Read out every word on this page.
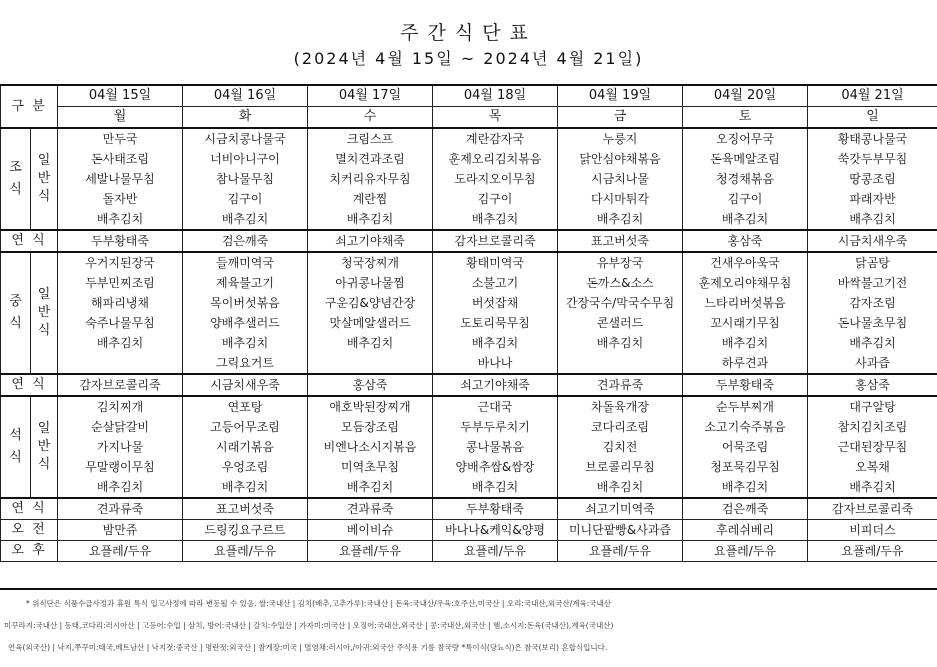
주간식단표
(2024년 4월 15일 ~ 2024년 4월 21일)
구 분		04월 15일	04월 16일	04월 17일	04월 18일	04월 19일	04월 20일	04월 21일
		월	화	수	목	금	토	일

조
식	일
반
식	만두국	시금치콩나물국	크림스프	계란감자국	누룽지	오징어무국	황태콩나물국
		돈사태조림	너비아니구이	멸치견과조림	훈제오리김치볶음	닭안심야채볶음	돈육메알조림	쑥갓두부무침
		세발나물무침	참나물무침	치커리유자무침	도라지오이무침	시금치나물	청경채볶음	땅콩조림
		돌자반	김구이	계란찜	김구이	다시마튀각	김구이	파래자반
		배추김치	배추김치	배추김치	배추김치	배추김치	배추김치	배추김치
연 식		두부황태죽	검은깨죽	쇠고기야채죽	감자브로콜리죽	표고버섯죽	홍삼죽	시금치새우죽

중
식	일
반
식	우거지된장국	들깨미역국	청국장찌개	황태미역국	유부장국	건새우아욱국	닭곰탕
		두부민찌조림	제육불고기	아귀콩나물찜	소불고기	돈까스&소스	훈제오리야채무침	바싹불고기전
		해파리냉채	목이버섯볶음	구운김&양념간장	버섯잡채	간장국수/막국수무침	느타리버섯볶음	감자조림
		숙주나물무침	양배추샐러드	맛살메알샐러드	도토리묵무침	콘샐러드	꼬시래기무침	돈나물초무침
		배추김치	배추김치	배추김치	배추김치	배추김치	배추김치	배추김치
			그릭요거트		바나나		하루견과	사과즙
연 식		감자브로콜리죽	시금치새우죽	홍삼죽	쇠고기야채죽	견과류죽	두부황태죽	홍삼죽

석
식	일
반
식	김치찌개	연포탕	애호박된장찌개	근대국	차돌육개장	순두부찌개	대구알탕
		순살닭갈비	고등어무조림	모듬장조림	두부두루치기	코다리조림	소고기숙주볶음	참치김치조림
		가지나물	시래기볶음	비엔나소시지볶음	콩나물볶음	김치전	어묵조림	근대된장무침
		무말랭이무침	우엉조림	미역초무침	양배추쌈&쌈장	브로콜리무침	청포묵김무침	오복채
		배추김치	배추김치	배추김치	배추김치	배추김치	배추김치	배추김치
연 식		견과류죽	표고버섯죽	견과류죽	두부황태죽	쇠고기미역죽	검은깨죽	감자브로콜리죽
오 전		밤만쥬	드링킹요구르트	베이비슈	바나나&케익&양평	미니단팥빵&사과즙	후레쉬베리	비피더스
오 후		요플레/두유	요플레/두유	요플레/두유	요플레/두유	요플레/두유	요플레/두유	요플레/두유
* 위식단은 식품수급사정과 휴원 특식 입고사정에 따라 변동될 수 있음. 쌀:국내산 | 김치(배추,고추가루):국내산 | 돈육:국내산/우육:호주산,미국산 | 오리:국내산,외국산/계육:국내산
미꾸라지:국내산 | 동태,코다리:러시아산 | 고등어:수입 | 삼치, 방어:국내산 | 갈치:수입산 | 가자미:미국산 | 오징어:국내산,외국산 | 콩:국내산,외국산 | 햄,소시지:돈육(국내산),계육(국내산)
연육(외국산) | 낙지,쭈꾸미:태국,베트남산 | 낙지젓:중국산 | 명란젓:외국산 | 참게장:미국 | 멸염채:러시아,/아귀:외국산 주식용 기름 참국량 *특이식(당뇨식)은 참국(보리) 혼합식입니다.
